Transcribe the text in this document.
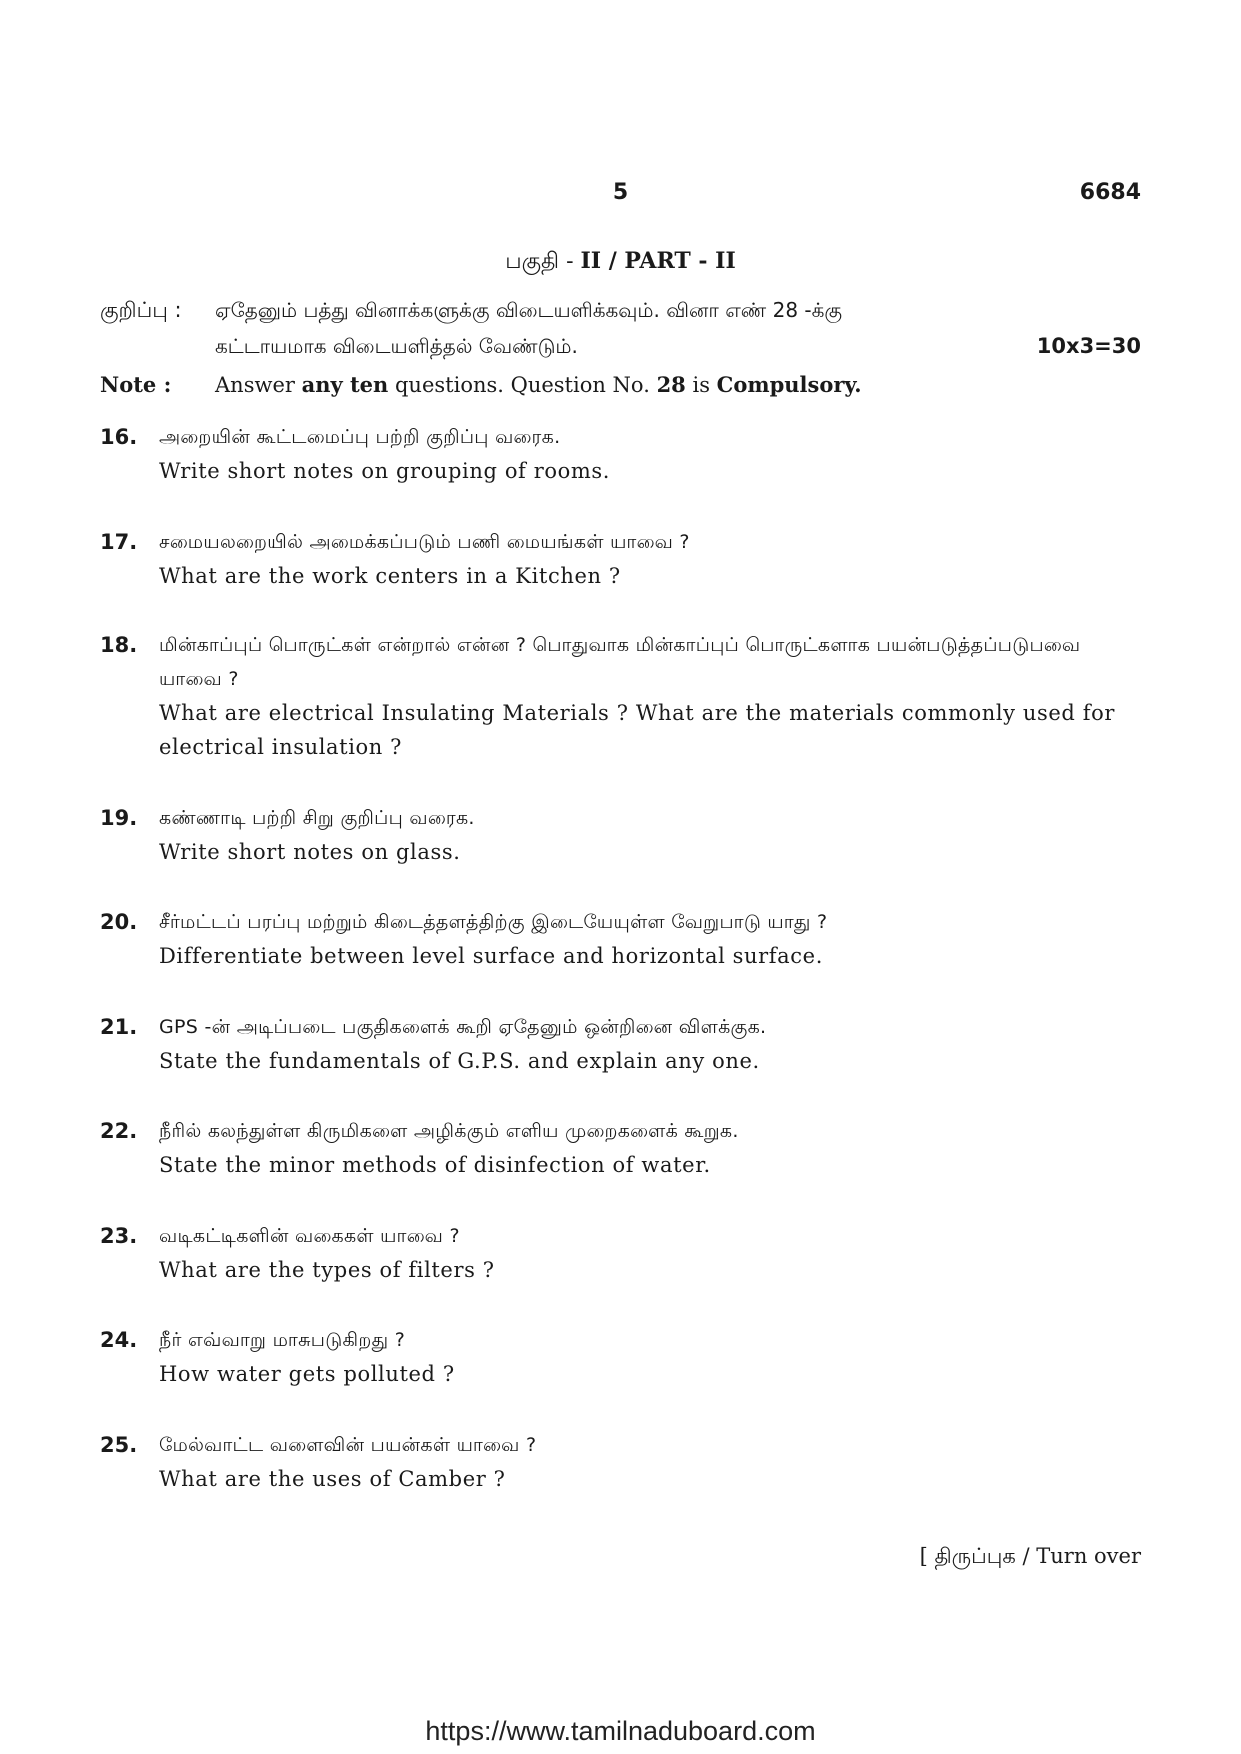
5	6684
பகுதி - II / PART - II
குறிப்பு : ஏதேனும் பத்து வினாக்களுக்கு விடையளிக்கவும். வினா எண் 28 -க்கு
கட்டாயமாக விடையளித்தல் வேண்டும்.	10x3=30
Note : Answer any ten questions. Question No. 28 is Compulsory.
16. அறையின் கூட்டமைப்பு பற்றி குறிப்பு வரைக.
Write short notes on grouping of rooms.
17. சமையலறையில் அமைக்கப்படும் பணி மையங்கள் யாவை ?
What are the work centers in a Kitchen ?
18. மின்காப்புப் பொருட்கள் என்றால் என்ன ? பொதுவாக மின்காப்புப் பொருட்களாக பயன்படுத்தப்படுபவை யாவை ?
What are electrical Insulating Materials ? What are the materials commonly used for electrical insulation ?
19. கண்ணாடி பற்றி சிறு குறிப்பு வரைக.
Write short notes on glass.
20. சீர்மட்டப் பரப்பு மற்றும் கிடைத்தளத்திற்கு இடையேயுள்ள வேறுபாடு யாது ?
Differentiate between level surface and horizontal surface.
21. GPS -ன் அடிப்படை பகுதிகளைக் கூறி ஏதேனும் ஒன்றினை விளக்குக.
State the fundamentals of G.P.S. and explain any one.
22. நீரில் கலந்துள்ள கிருமிகளை அழிக்கும் எளிய முறைகளைக் கூறுக.
State the minor methods of disinfection of water.
23. வடிகட்டிகளின் வகைகள் யாவை ?
What are the types of filters ?
24. நீர் எவ்வாறு மாசுபடுகிறது ?
How water gets polluted ?
25. மேல்வாட்ட வளைவின் பயன்கள் யாவை ?
What are the uses of Camber ?
[ திருப்புக / Turn over
https://www.tamilnaduboard.com
